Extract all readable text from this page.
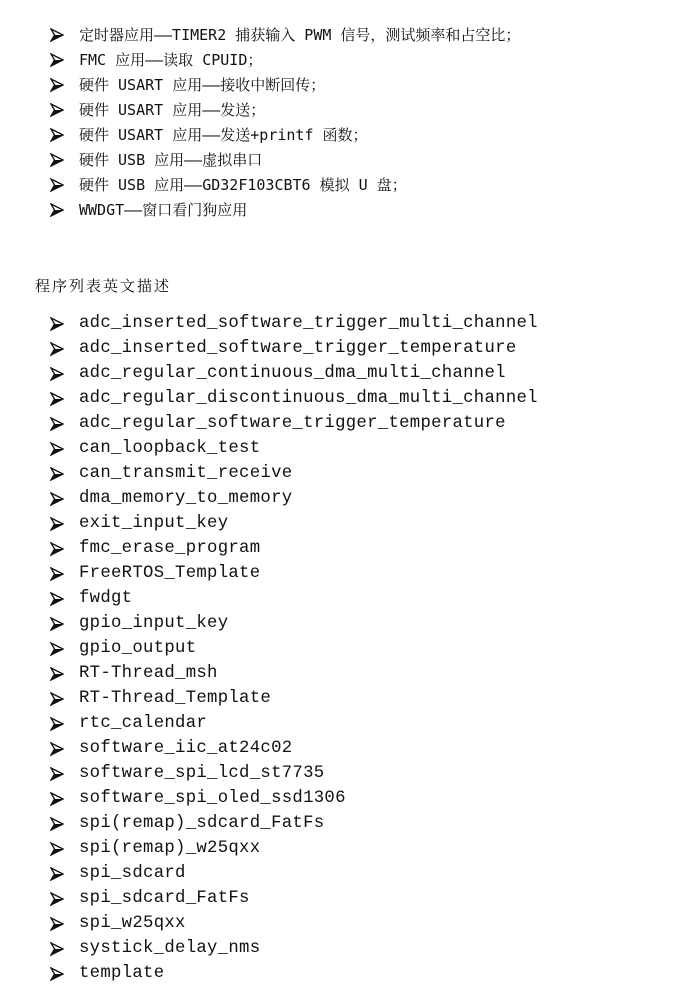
定时器应用——TIMER2 捕获输入 PWM 信号，测试频率和占空比；
FMC 应用——读取 CPUID；
硬件 USART 应用——接收中断回传；
硬件 USART 应用——发送；
硬件 USART 应用——发送+printf 函数；
硬件 USB 应用——虚拟串口
硬件 USB 应用——GD32F103CBT6 模拟 U 盘；
WWDGT——窗口看门狗应用
程序列表英文描述
adc_inserted_software_trigger_multi_channel
adc_inserted_software_trigger_temperature
adc_regular_continuous_dma_multi_channel
adc_regular_discontinuous_dma_multi_channel
adc_regular_software_trigger_temperature
can_loopback_test
can_transmit_receive
dma_memory_to_memory
exit_input_key
fmc_erase_program
FreeRTOS_Template
fwdgt
gpio_input_key
gpio_output
RT-Thread_msh
RT-Thread_Template
rtc_calendar
software_iic_at24c02
software_spi_lcd_st7735
software_spi_oled_ssd1306
spi(remap)_sdcard_FatFs
spi(remap)_w25qxx
spi_sdcard
spi_sdcard_FatFs
spi_w25qxx
systick_delay_nms
template
